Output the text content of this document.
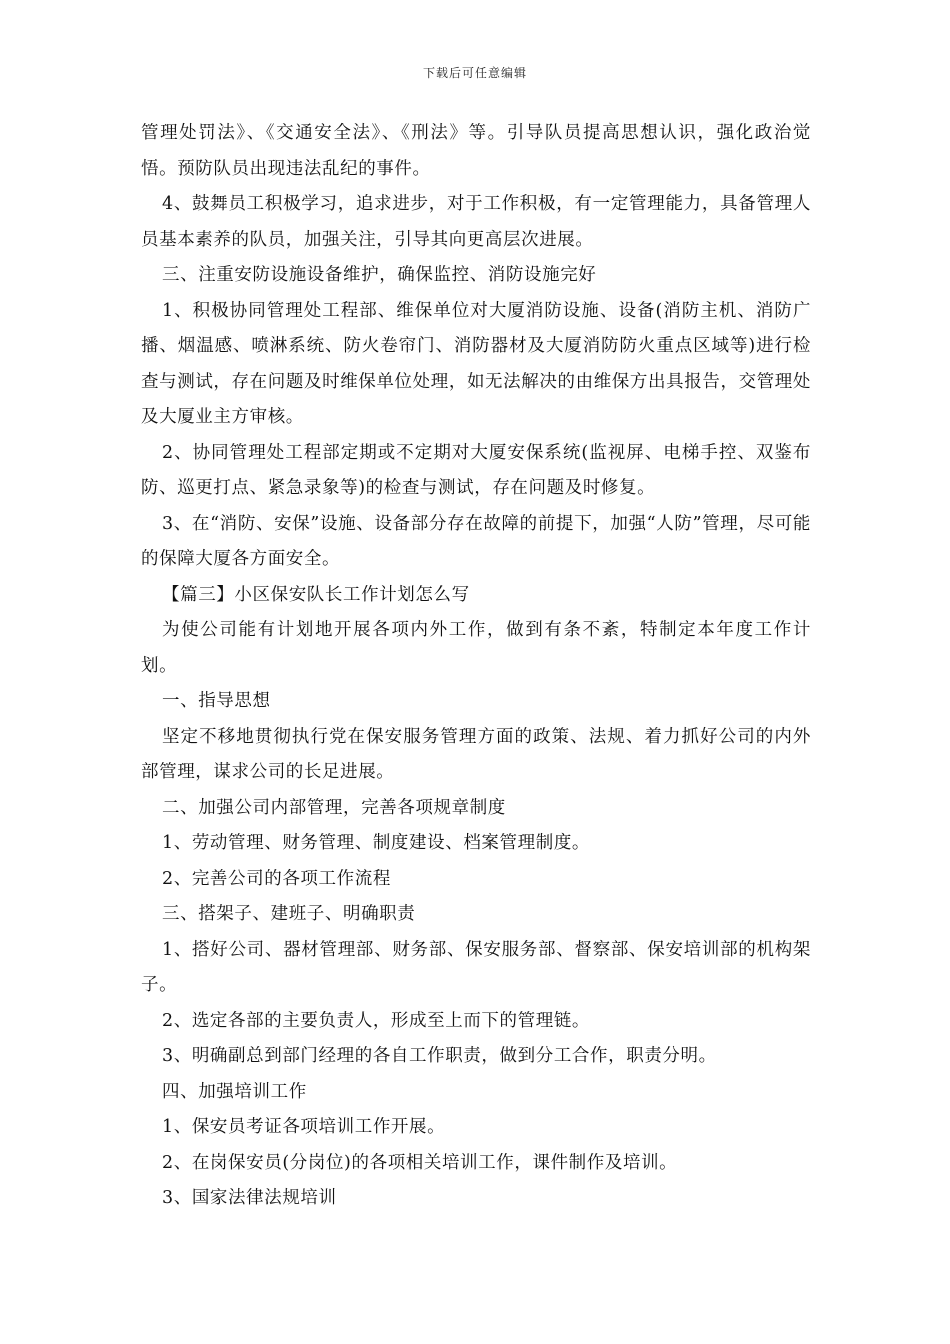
下载后可任意编辑

管理处罚法》、《交通安全法》、《刑法》等。引导队员提高思想认识，强化政治觉悟。预防队员出现违法乱纪的事件。

4、鼓舞员工积极学习，追求进步，对于工作积极，有一定管理能力，具备管理人员基本素养的队员，加强关注，引导其向更高层次进展。

三、注重安防设施设备维护，确保监控、消防设施完好

1、积极协同管理处工程部、维保单位对大厦消防设施、设备(消防主机、消防广播、烟温感、喷淋系统、防火卷帘门、消防器材及大厦消防防火重点区域等)进行检查与测试，存在问题及时维保单位处理，如无法解决的由维保方出具报告，交管理处及大厦业主方审核。

2、协同管理处工程部定期或不定期对大厦安保系统(监视屏、电梯手控、双鉴布防、巡更打点、紧急录象等)的检查与测试，存在问题及时修复。

3、在“消防、安保”设施、设备部分存在故障的前提下，加强“人防”管理，尽可能的保障大厦各方面安全。

【篇三】小区保安队长工作计划怎么写

为使公司能有计划地开展各项内外工作，做到有条不紊，特制定本年度工作计划。

一、指导思想

坚定不移地贯彻执行党在保安服务管理方面的政策、法规、着力抓好公司的内外部管理，谋求公司的长足进展。

二、加强公司内部管理，完善各项规章制度

1、劳动管理、财务管理、制度建设、档案管理制度。

2、完善公司的各项工作流程

三、搭架子、建班子、明确职责

1、搭好公司、器材管理部、财务部、保安服务部、督察部、保安培训部的机构架子。

2、选定各部的主要负责人，形成至上而下的管理链。

3、明确副总到部门经理的各自工作职责，做到分工合作，职责分明。

四、加强培训工作

1、保安员考证各项培训工作开展。

2、在岗保安员(分岗位)的各项相关培训工作，课件制作及培训。

3、国家法律法规培训
